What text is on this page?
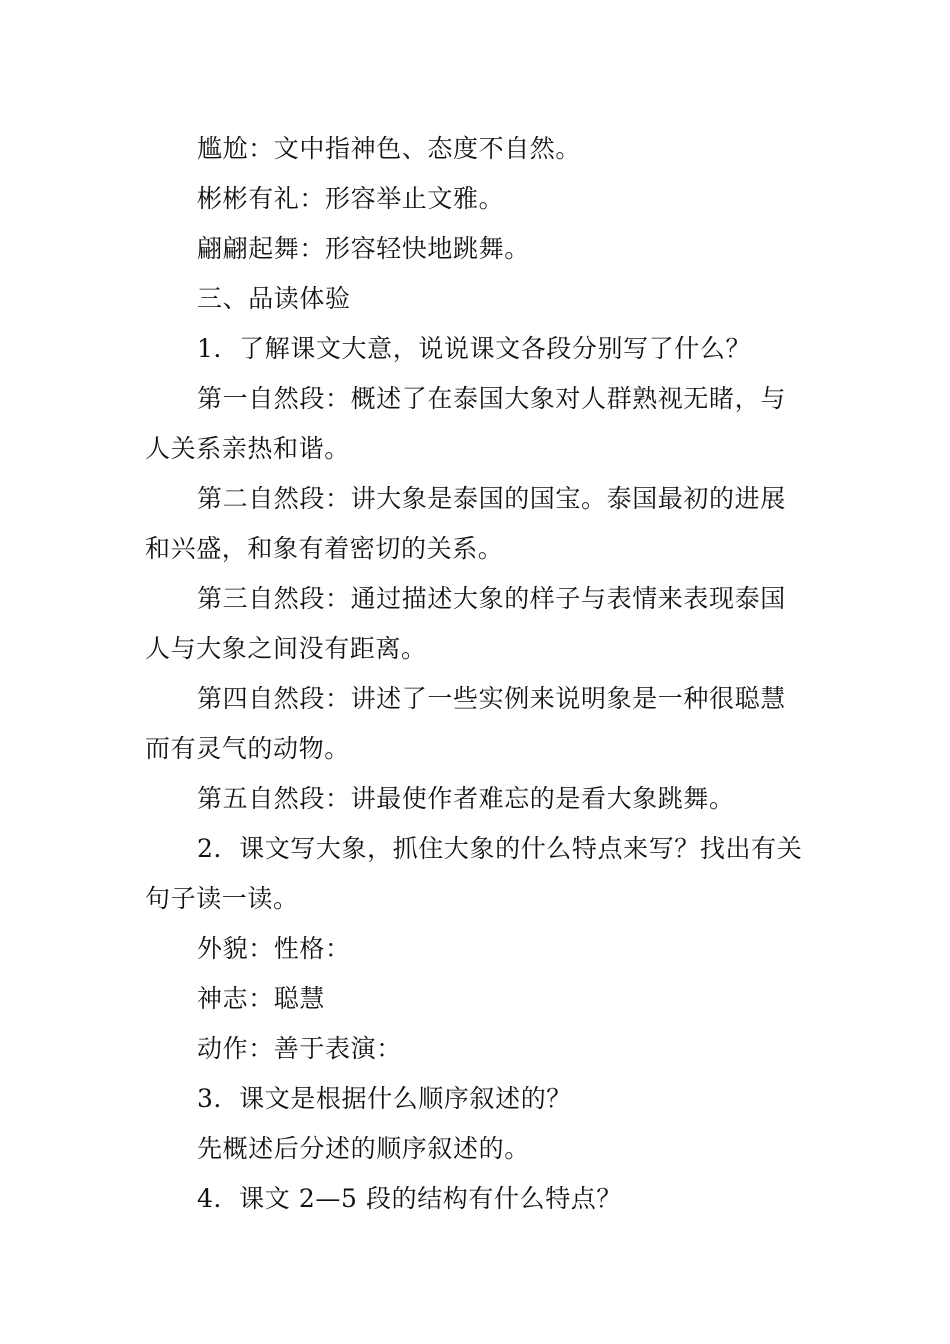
尴尬：文中指神色、态度不自然。

彬彬有礼：形容举止文雅。

翩翩起舞：形容轻快地跳舞。

三、品读体验

1．了解课文大意，说说课文各段分别写了什么？

第一自然段：概述了在泰国大象对人群熟视无睹，与人关系亲热和谐。

第二自然段：讲大象是泰国的国宝。泰国最初的进展和兴盛，和象有着密切的关系。

第三自然段：通过描述大象的样子与表情来表现泰国人与大象之间没有距离。

第四自然段：讲述了一些实例来说明象是一种很聪慧而有灵气的动物。

第五自然段：讲最使作者难忘的是看大象跳舞。

2．课文写大象，抓住大象的什么特点来写？找出有关句子读一读。

外貌：性格：

神志：聪慧

动作：善于表演：

3．课文是根据什么顺序叙述的？

先概述后分述的顺序叙述的。

4．课文 2—5 段的结构有什么特点？
